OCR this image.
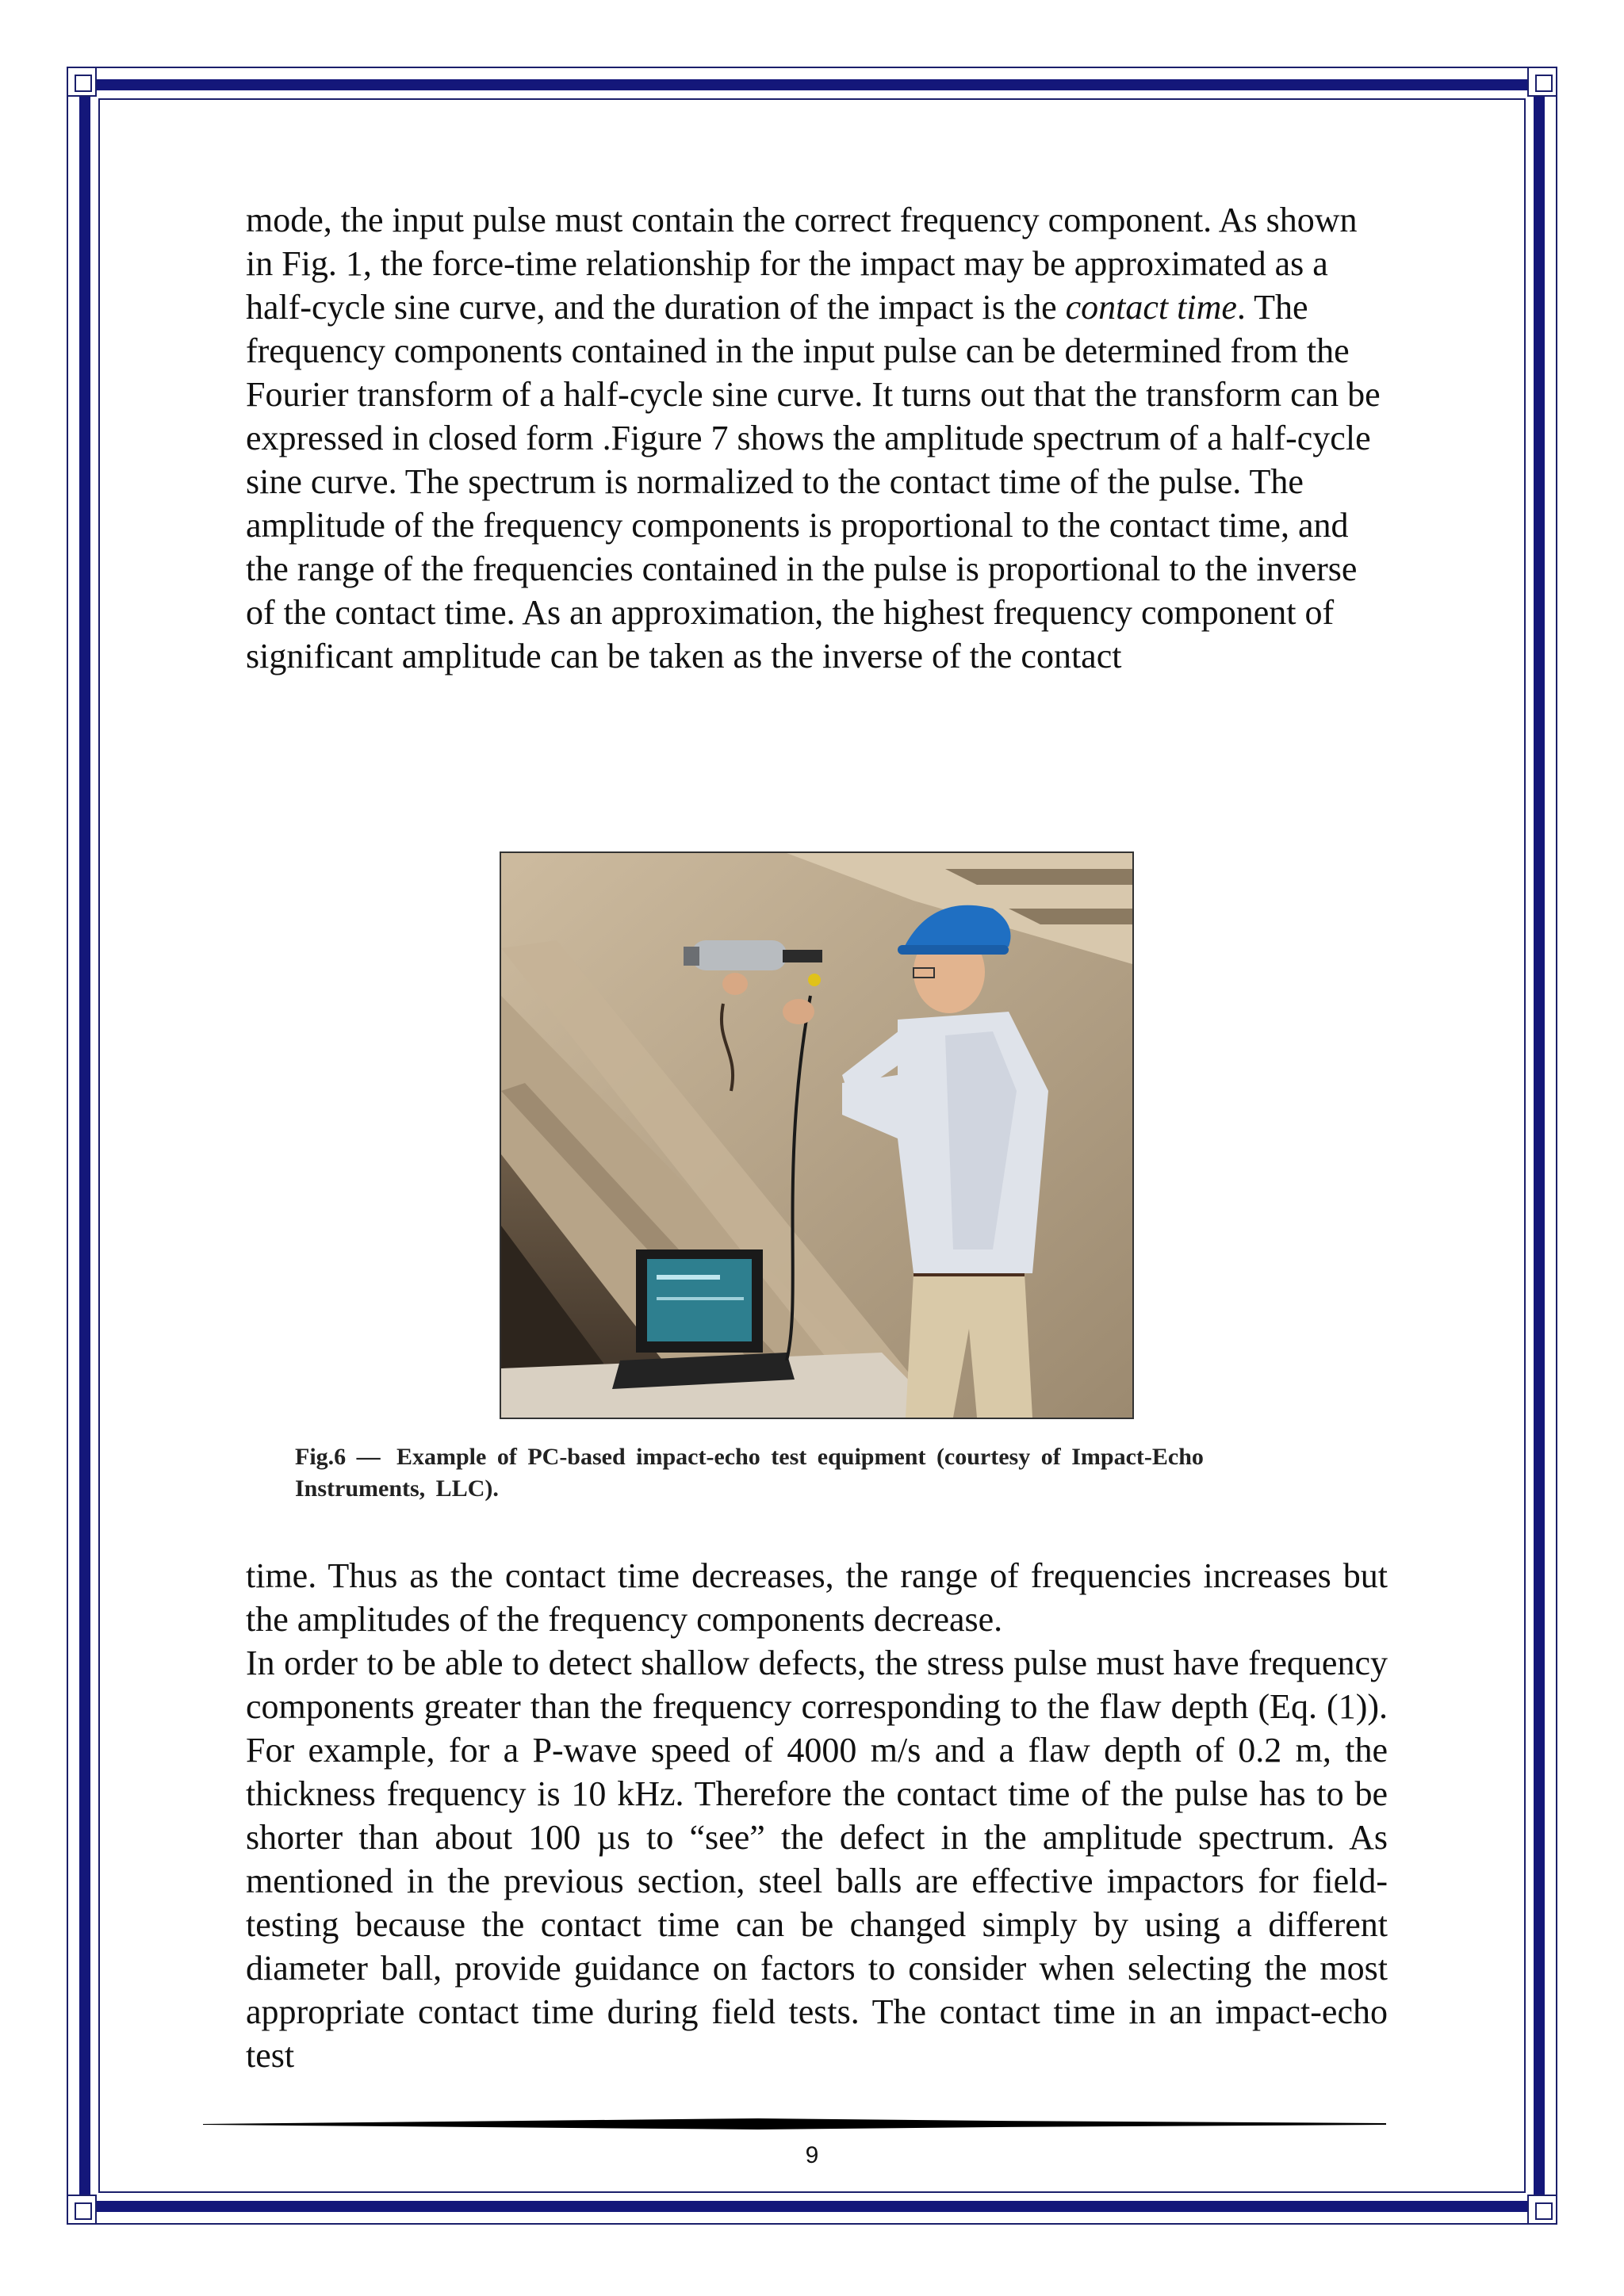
mode, the input pulse must contain the correct frequency component. As shown in Fig. 1, the force-time relationship for the impact may be approximated as a half-cycle sine curve, and the duration of the impact is the contact time. The frequency components contained in the input pulse can be determined from the Fourier transform of a half-cycle sine curve. It turns out that the transform can be expressed in closed form .Figure 7 shows the amplitude spectrum of a half-cycle sine curve. The spectrum is normalized to the contact time of the pulse. The amplitude of the frequency components is proportional to the contact time, and the range of the frequencies contained in the pulse is proportional to the inverse of the contact time. As an approximation, the highest frequency component of significant amplitude can be taken as the inverse of the contact

Fig.6 — Example of PC-based impact-echo test equipment (courtesy of Impact-Echo Instruments, LLC).

time. Thus as the contact time decreases, the range of frequencies increases but the amplitudes of the frequency components decrease.

In order to be able to detect shallow defects, the stress pulse must have frequency components greater than the frequency corresponding to the flaw depth (Eq. (1)). For example, for a P-wave speed of 4000 m/s and a flaw depth of 0.2 m, the thickness frequency is 10 kHz. Therefore the contact time of the pulse has to be shorter than about 100 µs to “see” the defect in the amplitude spectrum. As mentioned in the previous section, steel balls are effective impactors for field-testing because the contact time can be changed simply by using a different diameter ball, provide guidance on factors to consider when selecting the most appropriate contact time during field tests. The contact time in an impact-echo test

9
